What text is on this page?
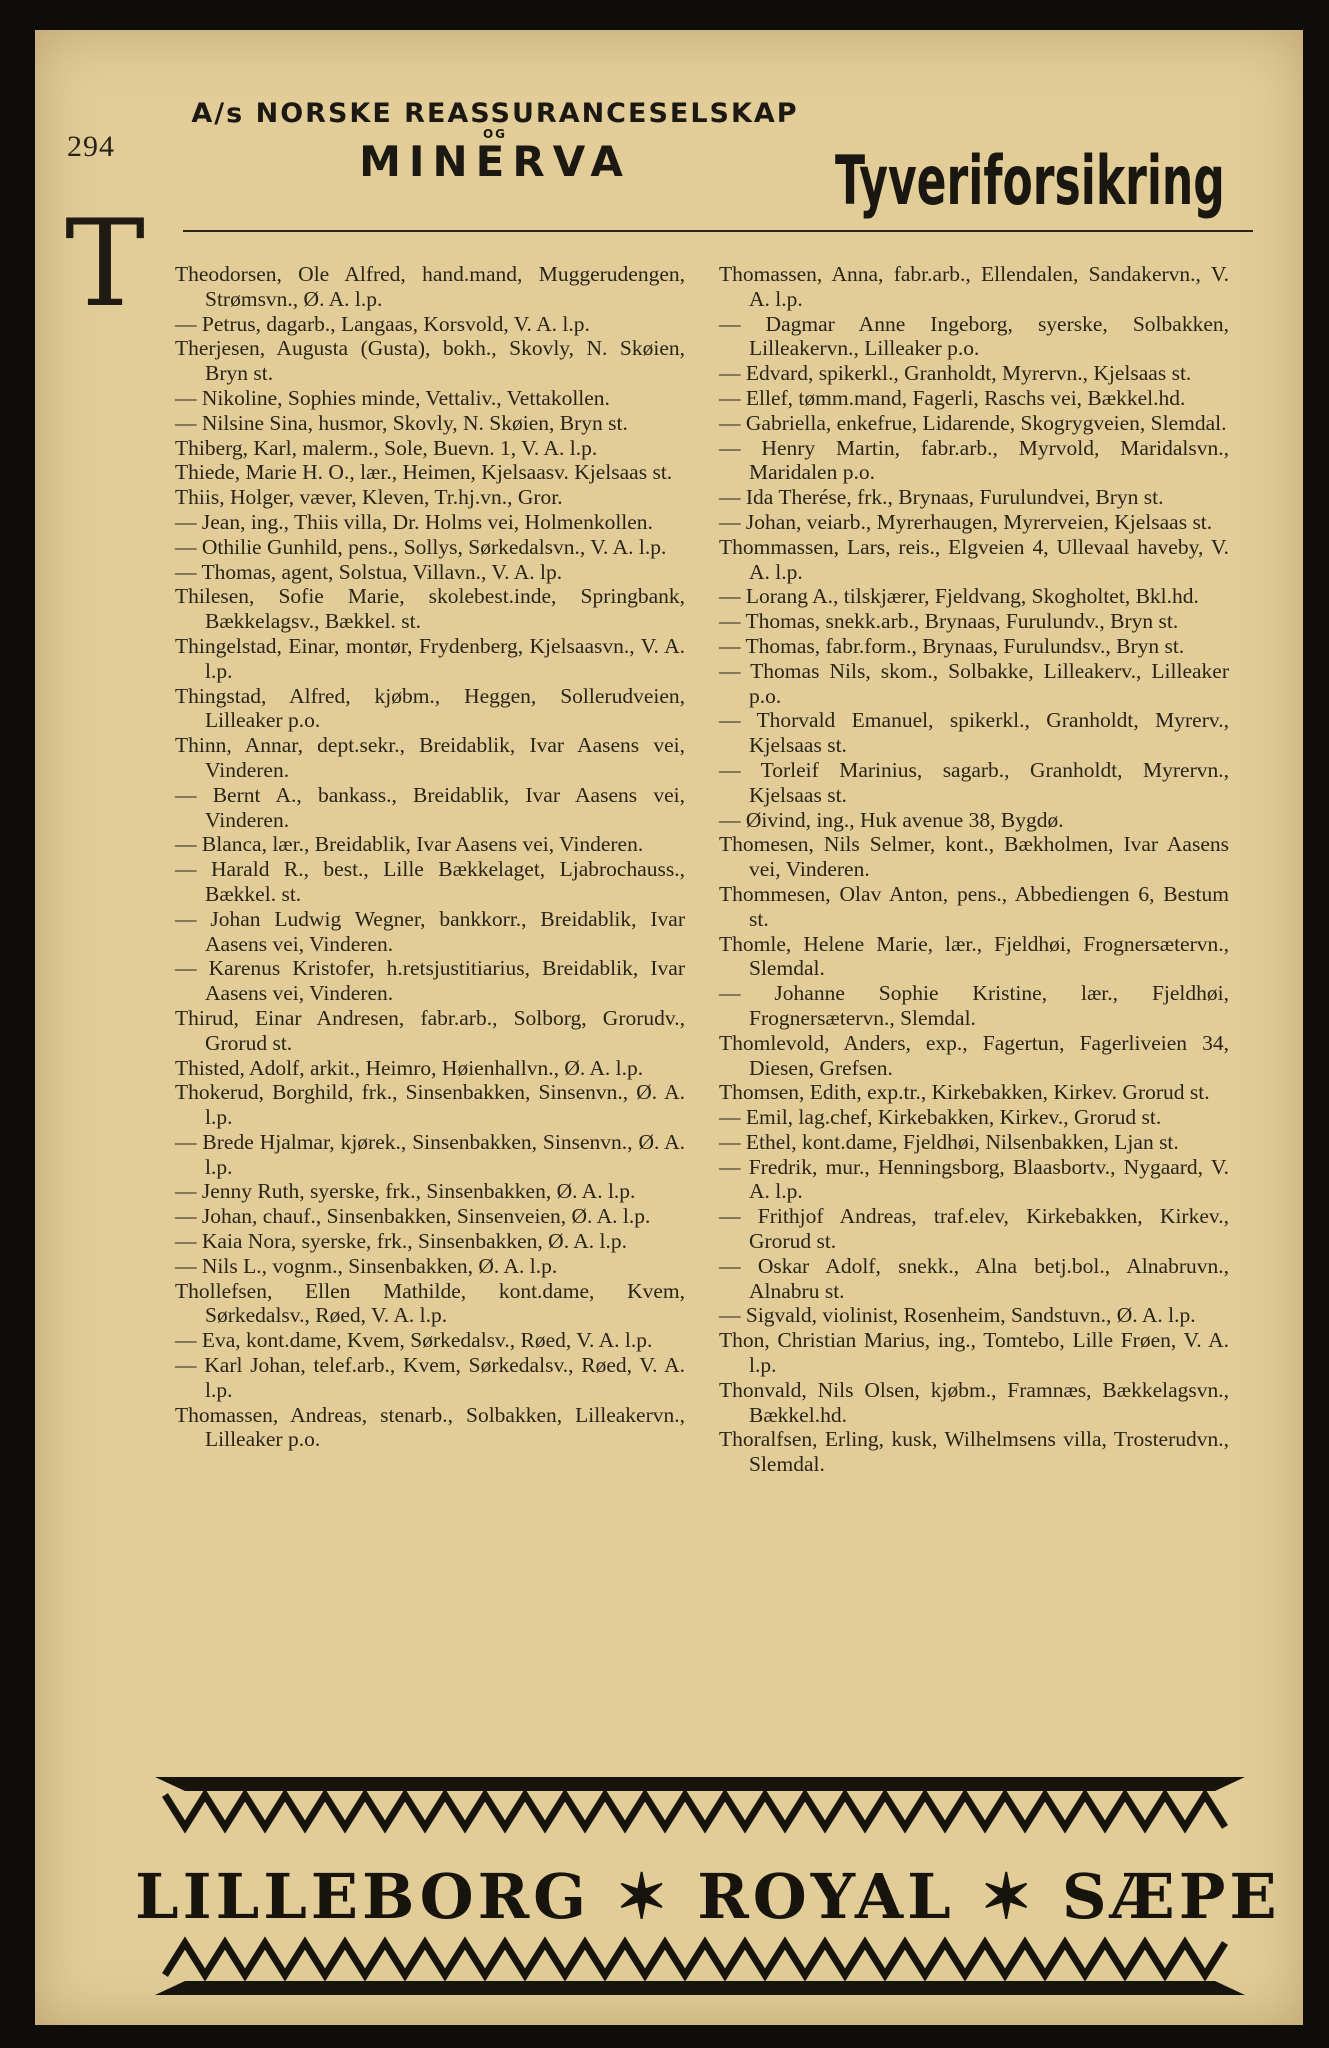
294
T
A/s NORSKE REASSURANCESELSKAP
OG
MINERVA	Tyveriforsikring
Theodorsen, Ole Alfred, hand.mand, Muggerudengen, Strømsvn., Ø. A. l.p.
— Petrus, dagarb., Langaas, Korsvold, V. A. l.p.
Therjesen, Augusta (Gusta), bokh., Skovly, N. Skøien, Bryn st.
— Nikoline, Sophies minde, Vettaliv., Vettakollen.
— Nilsine Sina, husmor, Skovly, N. Skøien, Bryn st.
Thiberg, Karl, malerm., Sole, Buevn. 1, V. A. l.p.
Thiede, Marie H. O., lær., Heimen, Kjelsaasv. Kjelsaas st.
Thiis, Holger, væver, Kleven, Tr.hj.vn., Gror.
— Jean, ing., Thiis villa, Dr. Holms vei, Holmenkollen.
— Othilie Gunhild, pens., Sollys, Sørkedalsvn., V. A. l.p.
— Thomas, agent, Solstua, Villavn., V. A. lp.
Thilesen, Sofie Marie, skolebest.inde, Springbank, Bækkelagsv., Bækkel. st.
Thingelstad, Einar, montør, Frydenberg, Kjelsaasvn., V. A. l.p.
Thingstad, Alfred, kjøbm., Heggen, Sollerudveien, Lilleaker p.o.
Thinn, Annar, dept.sekr., Breidablik, Ivar Aasens vei, Vinderen.
— Bernt A., bankass., Breidablik, Ivar Aasens vei, Vinderen.
— Blanca, lær., Breidablik, Ivar Aasens vei, Vinderen.
— Harald R., best., Lille Bækkelaget, Ljabrochauss., Bækkel. st.
— Johan Ludwig Wegner, bankkorr., Breidablik, Ivar Aasens vei, Vinderen.
— Karenus Kristofer, h.retsjustitiarius, Breidablik, Ivar Aasens vei, Vinderen.
Thirud, Einar Andresen, fabr.arb., Solborg, Grorudv., Grorud st.
Thisted, Adolf, arkit., Heimro, Høienhallvn., Ø. A. l.p.
Thokerud, Borghild, frk., Sinsenbakken, Sinsenvn., Ø. A. l.p.
— Brede Hjalmar, kjørek., Sinsenbakken, Sinsenvn., Ø. A. l.p.
— Jenny Ruth, syerske, frk., Sinsenbakken, Ø. A. l.p.
— Johan, chauf., Sinsenbakken, Sinsenveien, Ø. A. l.p.
— Kaia Nora, syerske, frk., Sinsenbakken, Ø. A. l.p.
— Nils L., vognm., Sinsenbakken, Ø. A. l.p.
Thollefsen, Ellen Mathilde, kont.dame, Kvem, Sørkedalsv., Røed, V. A. l.p.
— Eva, kont.dame, Kvem, Sørkedalsv., Røed, V. A. l.p.
— Karl Johan, telef.arb., Kvem, Sørkedalsv., Røed, V. A. l.p.
Thomassen, Andreas, stenarb., Solbakken, Lilleakervn., Lilleaker p.o.
Thomassen, Anna, fabr.arb., Ellendalen, Sandakervn., V. A. l.p.
— Dagmar Anne Ingeborg, syerske, Solbakken, Lilleakervn., Lilleaker p.o.
— Edvard, spikerkl., Granholdt, Myrervn., Kjelsaas st.
— Ellef, tømm.mand, Fagerli, Raschs vei, Bækkel.hd.
— Gabriella, enkefrue, Lidarende, Skogrygveien, Slemdal.
— Henry Martin, fabr.arb., Myrvold, Maridalsvn., Maridalen p.o.
— Ida Therése, frk., Brynaas, Furulundvei, Bryn st.
— Johan, veiarb., Myrerhaugen, Myrerveien, Kjelsaas st.
Thommassen, Lars, reis., Elgveien 4, Ullevaal haveby, V. A. l.p.
— Lorang A., tilskjærer, Fjeldvang, Skogholtet, Bkl.hd.
— Thomas, snekk.arb., Brynaas, Furulundv., Bryn st.
— Thomas, fabr.form., Brynaas, Furulundsv., Bryn st.
— Thomas Nils, skom., Solbakke, Lilleakerv., Lilleaker p.o.
— Thorvald Emanuel, spikerkl., Granholdt, Myrerv., Kjelsaas st.
— Torleif Marinius, sagarb., Granholdt, Myrervn., Kjelsaas st.
— Øivind, ing., Huk avenue 38, Bygdø.
Thomesen, Nils Selmer, kont., Bækholmen, Ivar Aasens vei, Vinderen.
Thommesen, Olav Anton, pens., Abbediengen 6, Bestum st.
Thomle, Helene Marie, lær., Fjeldhøi, Frognersætervn., Slemdal.
— Johanne Sophie Kristine, lær., Fjeldhøi, Frognersætervn., Slemdal.
Thomlevold, Anders, exp., Fagertun, Fagerliveien 34, Diesen, Grefsen.
Thomsen, Edith, exp.tr., Kirkebakken, Kirkev. Grorud st.
— Emil, lag.chef, Kirkebakken, Kirkev., Grorud st.
— Ethel, kont.dame, Fjeldhøi, Nilsenbakken, Ljan st.
— Fredrik, mur., Henningsborg, Blaasbortv., Nygaard, V. A. l.p.
— Frithjof Andreas, traf.elev, Kirkebakken, Kirkev., Grorud st.
— Oskar Adolf, snekk., Alna betj.bol., Alnabruvn., Alnabru st.
— Sigvald, violinist, Rosenheim, Sandstuvn., Ø. A. l.p.
Thon, Christian Marius, ing., Tomtebo, Lille Frøen, V. A. l.p.
Thonvald, Nils Olsen, kjøbm., Framnæs, Bækkelagsvn., Bækkel.hd.
Thoralfsen, Erling, kusk, Wilhelmsens villa, Trosterudvn., Slemdal.
LILLEBORG ✶ ROYAL ✶ SÆPE
